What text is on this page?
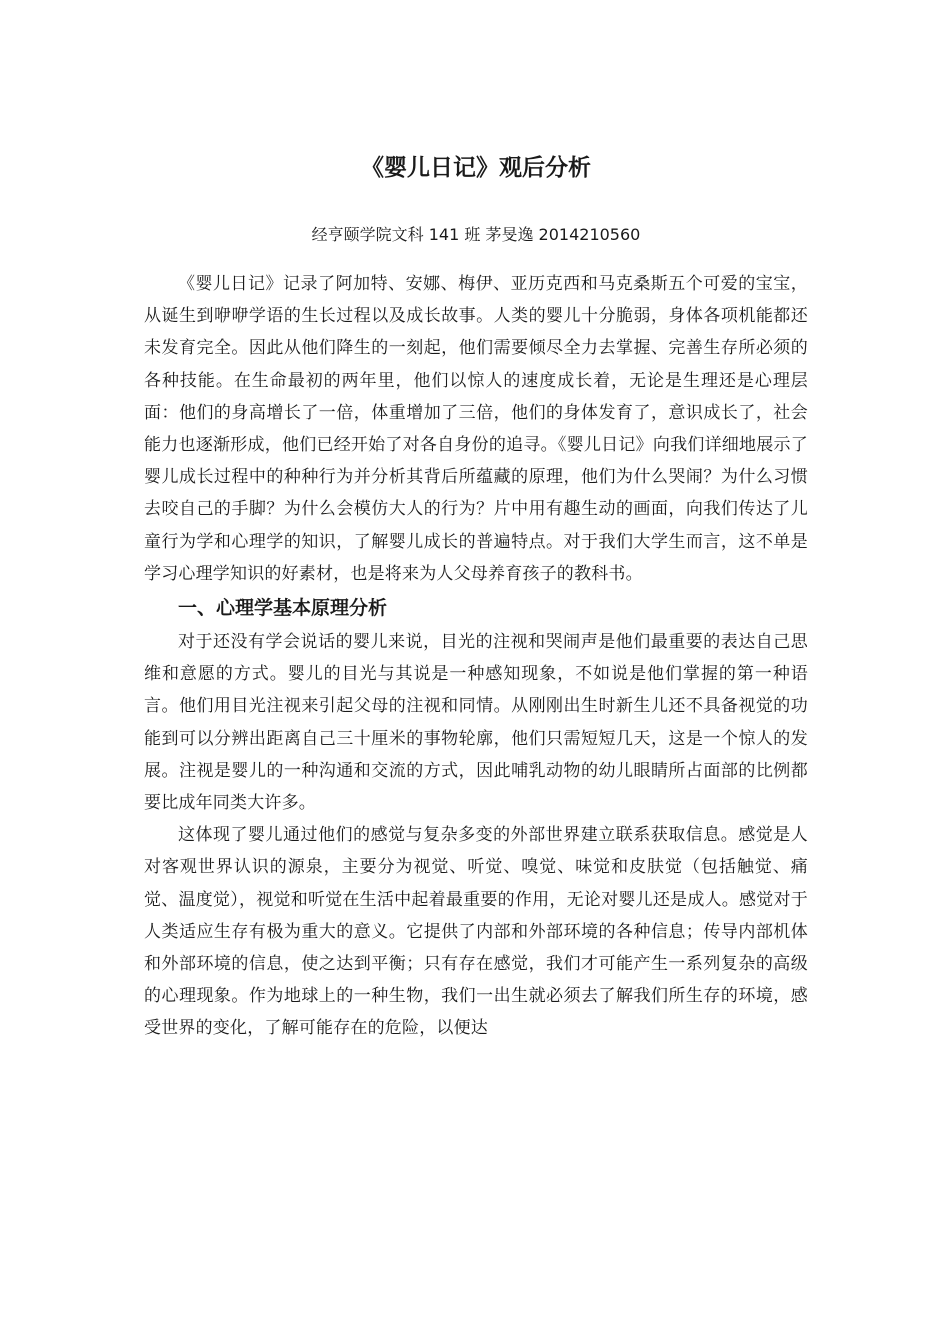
《婴儿日记》观后分析
经亨颐学院文科 141 班 茅旻逸 2014210560

《婴儿日记》记录了阿加特、安娜、梅伊、亚历克西和马克桑斯五个可爱的宝宝，从诞生到咿咿学语的生长过程以及成长故事。人类的婴儿十分脆弱，身体各项机能都还未发育完全。因此从他们降生的一刻起，他们需要倾尽全力去掌握、完善生存所必须的各种技能。在生命最初的两年里，他们以惊人的速度成长着，无论是生理还是心理层面：他们的身高增长了一倍，体重增加了三倍，他们的身体发育了，意识成长了，社会能力也逐渐形成，他们已经开始了对各自身份的追寻。《婴儿日记》向我们详细地展示了婴儿成长过程中的种种行为并分析其背后所蕴藏的原理，他们为什么哭闹？为什么习惯去咬自己的手脚？为什么会模仿大人的行为？片中用有趣生动的画面，向我们传达了儿童行为学和心理学的知识，了解婴儿成长的普遍特点。对于我们大学生而言，这不单是学习心理学知识的好素材，也是将来为人父母养育孩子的教科书。

一、心理学基本原理分析

对于还没有学会说话的婴儿来说，目光的注视和哭闹声是他们最重要的表达自己思维和意愿的方式。婴儿的目光与其说是一种感知现象，不如说是他们掌握的第一种语言。他们用目光注视来引起父母的注视和同情。从刚刚出生时新生儿还不具备视觉的功能到可以分辨出距离自己三十厘米的事物轮廓，他们只需短短几天，这是一个惊人的发展。注视是婴儿的一种沟通和交流的方式，因此哺乳动物的幼儿眼睛所占面部的比例都要比成年同类大许多。

这体现了婴儿通过他们的感觉与复杂多变的外部世界建立联系获取信息。感觉是人对客观世界认识的源泉，主要分为视觉、听觉、嗅觉、味觉和皮肤觉（包括触觉、痛觉、温度觉），视觉和听觉在生活中起着最重要的作用，无论对婴儿还是成人。感觉对于人类适应生存有极为重大的意义。它提供了内部和外部环境的各种信息；传导内部机体和外部环境的信息，使之达到平衡；只有存在感觉，我们才可能产生一系列复杂的高级的心理现象。作为地球上的一种生物，我们一出生就必须去了解我们所生存的环境，感受世界的变化，了解可能存在的危险，以便达
